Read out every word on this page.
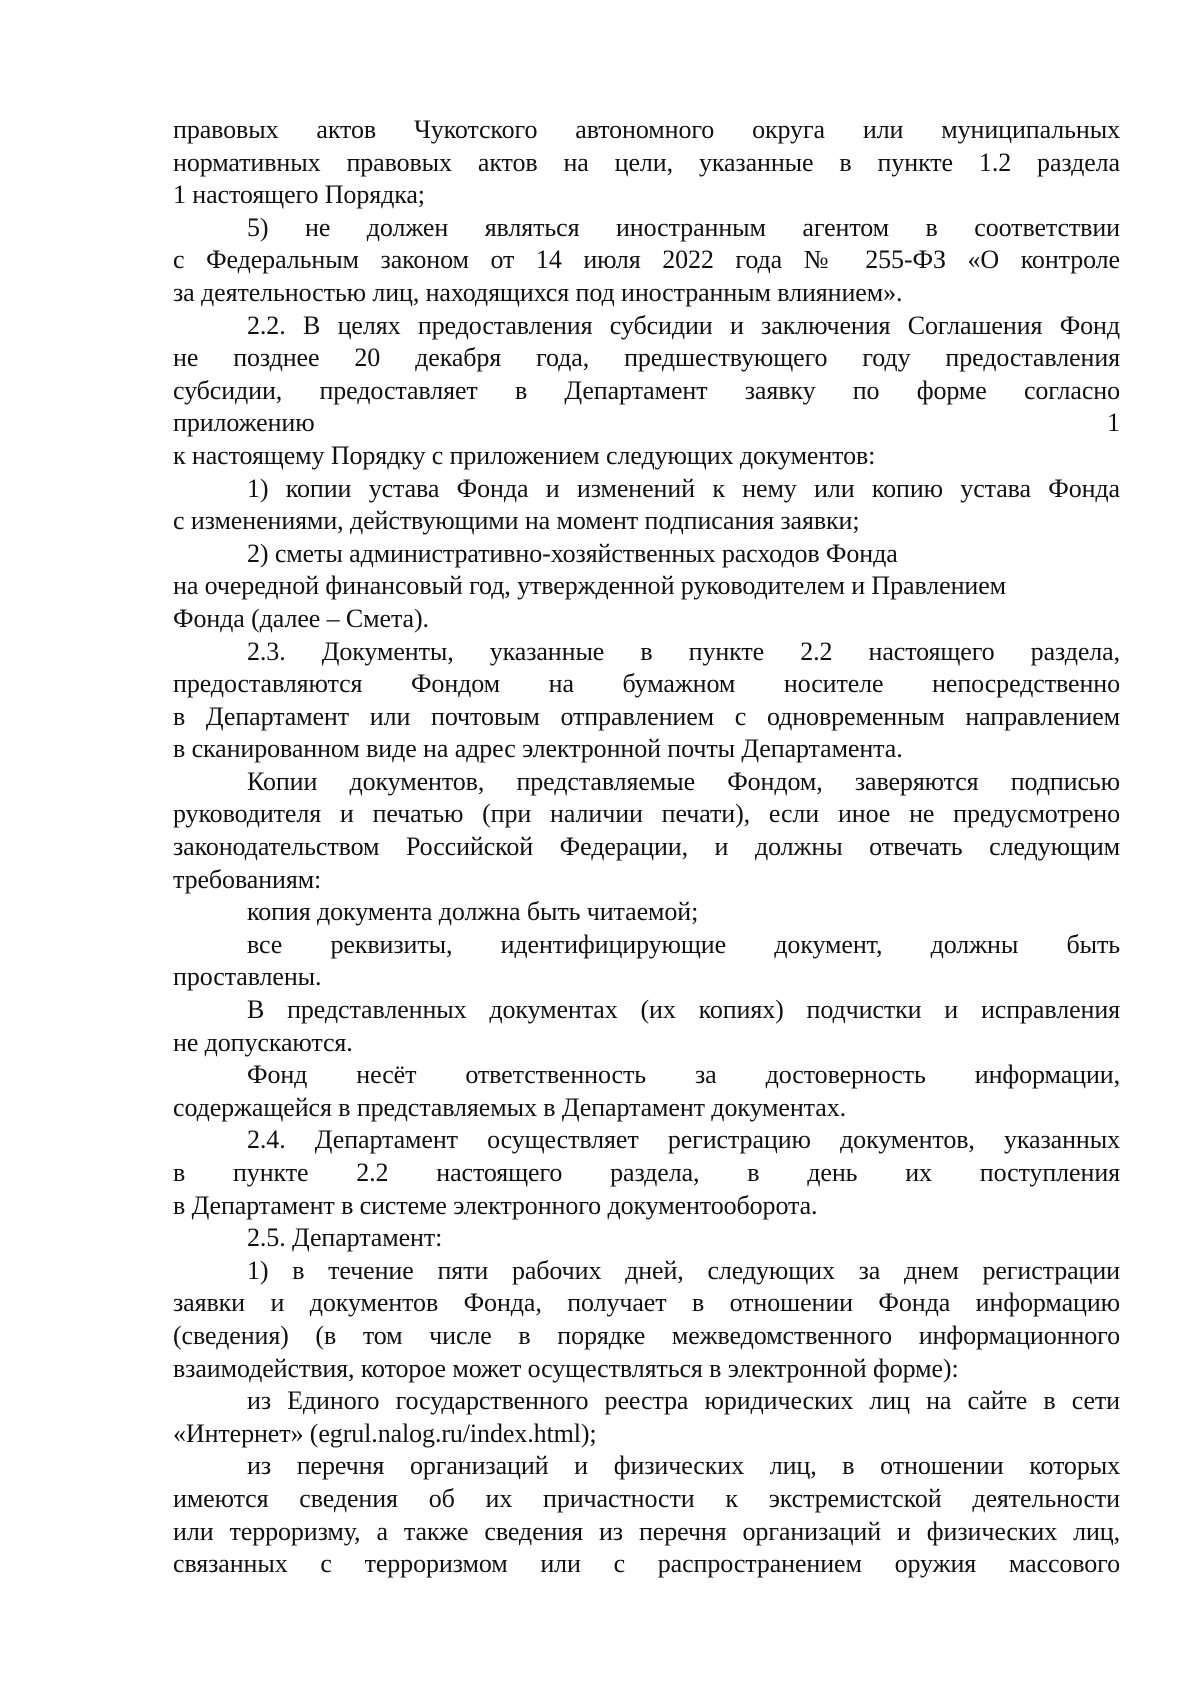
правовых актов Чукотского автономного округа или муниципальных
нормативных правовых актов на цели, указанные в пункте 1.2 раздела
1 настоящего Порядка;
5) не должен являться иностранным агентом в соответствии
с Федеральным законом от 14 июля 2022 года № 255-ФЗ «О контроле
за деятельностью лиц, находящихся под иностранным влиянием».
2.2. В целях предоставления субсидии и заключения Соглашения Фонд
не позднее 20 декабря года, предшествующего году предоставления
субсидии, предоставляет в Департамент заявку по форме согласно
приложению 1
к настоящему Порядку с приложением следующих документов:
1) копии устава Фонда и изменений к нему или копию устава Фонда
с изменениями, действующими на момент подписания заявки;
2) сметы административно-хозяйственных расходов Фонда
на очередной финансовый год, утвержденной руководителем и Правлением
Фонда (далее – Смета).
2.3. Документы, указанные в пункте 2.2 настоящего раздела,
предоставляются Фондом на бумажном носителе непосредственно
в Департамент или почтовым отправлением с одновременным направлением
в сканированном виде на адрес электронной почты Департамента.
Копии документов, представляемые Фондом, заверяются подписью
руководителя и печатью (при наличии печати), если иное не предусмотрено
законодательством Российской Федерации, и должны отвечать следующим
требованиям:
копия документа должна быть читаемой;
все реквизиты, идентифицирующие документ, должны быть
проставлены.
В представленных документах (их копиях) подчистки и исправления
не допускаются.
Фонд несёт ответственность за достоверность информации,
содержащейся в представляемых в Департамент документах.
2.4. Департамент осуществляет регистрацию документов, указанных
в пункте 2.2 настоящего раздела, в день их поступления
в Департамент в системе электронного документооборота.
2.5. Департамент:
1) в течение пяти рабочих дней, следующих за днем регистрации
заявки и документов Фонда, получает в отношении Фонда информацию
(сведения) (в том числе в порядке межведомственного информационного
взаимодействия, которое может осуществляться в электронной форме):
из Единого государственного реестра юридических лиц на сайте в сети
«Интернет» (egrul.nalog.ru/index.html);
из перечня организаций и физических лиц, в отношении которых
имеются сведения об их причастности к экстремистской деятельности
или терроризму, а также сведения из перечня организаций и физических лиц,
связанных с терроризмом или с распространением оружия массового
